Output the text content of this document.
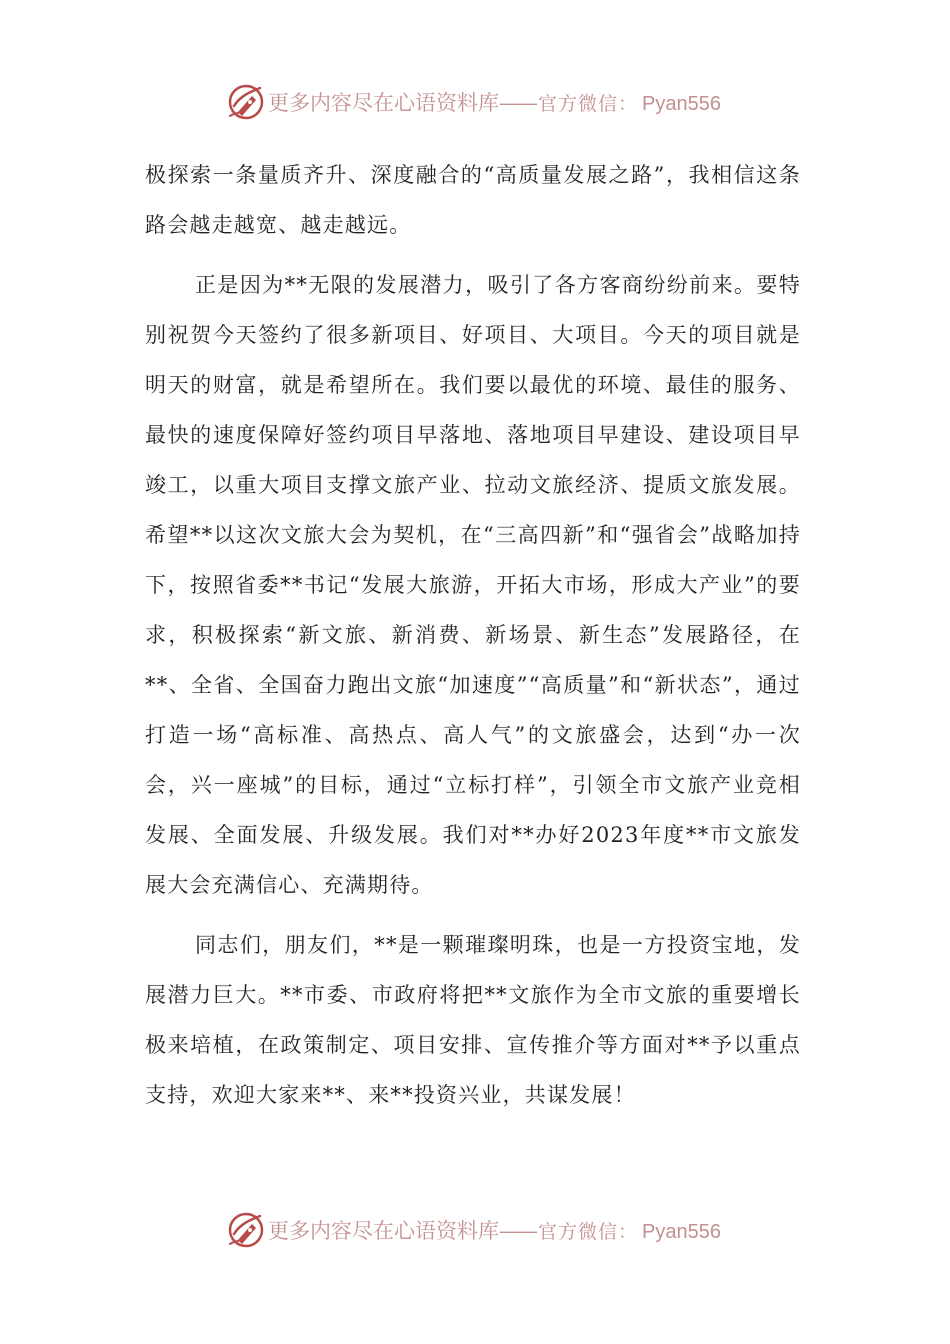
更多内容尽在心语资料库 —— 官方微信： Pyan556

极探索一条量质齐升、深度融合的“高质量发展之路”，我相信这条路会越走越宽、越走越远。

正是因为**无限的发展潜力，吸引了各方客商纷纷前来。要特别祝贺今天签约了很多新项目、好项目、大项目。今天的项目就是明天的财富，就是希望所在。我们要以最优的环境、最佳的服务、最快的速度保障好签约项目早落地、落地项目早建设、建设项目早竣工，以重大项目支撑文旅产业、拉动文旅经济、提质文旅发展。希望**以这次文旅大会为契机，在“三高四新”和“强省会”战略加持下，按照省委**书记“发展大旅游，开拓大市场，形成大产业”的要求，积极探索“新文旅、新消费、新场景、新生态”发展路径，在**、全省、全国奋力跑出文旅“加速度”“高质量”和“新状态”，通过打造一场“高标准、高热点、高人气”的文旅盛会，达到“办一次会，兴一座城”的目标，通过“立标打样”，引领全市文旅产业竞相发展、全面发展、升级发展。我们对**办好2023年度**市文旅发展大会充满信心、充满期待。

同志们，朋友们，**是一颗璀璨明珠，也是一方投资宝地，发展潜力巨大。**市委、市政府将把**文旅作为全市文旅的重要增长极来培植，在政策制定、项目安排、宣传推介等方面对**予以重点支持，欢迎大家来**、来**投资兴业，共谋发展！

更多内容尽在心语资料库 —— 官方微信： Pyan556
